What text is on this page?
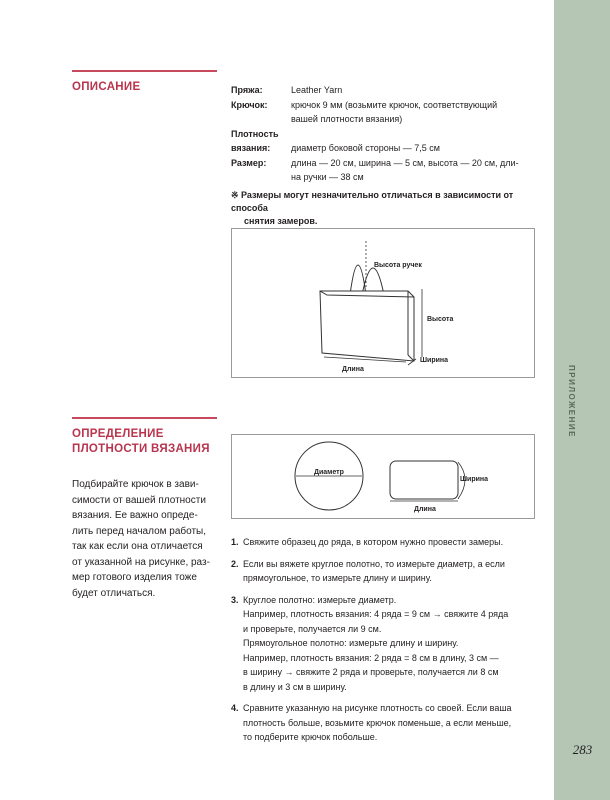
ПРИЛОЖЕНИЕ
283
ОПИСАНИЕ	Пряжа:	Leather Yarn
Крючок:	крючок 9 мм (возьмите крючок, соответствующий
вашей плотности вязания)
Плотность
вязания:	диаметр боковой стороны — 7,5 см
Размер:	длина — 20 см, ширина — 5 см, высота — 20 см, дли-
на ручки — 38 см
※ Размеры могут незначительно отличаться в зависимости от способа
снятия замеров.
Высота ручек
Высота
Ширина
Длина
ОПРЕДЕЛЕНИЕ
ПЛОТНОСТИ ВЯЗАНИЯ
Подбирайте крючок в зави-
симости от вашей плотности
вязания. Ее важно опреде-
лить перед началом работы,
так как если она отличается
от указанной на рисунке, раз-
мер готового изделия тоже
будет отличаться.
Диаметр
Ширина
Длина
1. Свяжите образец до ряда, в котором нужно провести замеры.
2. Если вы вяжете круглое полотно, то измерьте диаметр, а если
прямоугольное, то измерьте длину и ширину.
3. Круглое полотно: измерьте диаметр.
Например, плотность вязания: 4 ряда = 9 см → свяжите 4 ряда
и проверьте, получается ли 9 см.
Прямоугольное полотно: измерьте длину и ширину.
Например, плотность вязания: 2 ряда = 8 см в длину, 3 см —
в ширину → свяжите 2 ряда и проверьте, получается ли 8 см
в длину и 3 см в ширину.
4. Сравните указанную на рисунке плотность со своей. Если ваша
плотность больше, возьмите крючок поменьше, а если меньше,
то подберите крючок побольше.
